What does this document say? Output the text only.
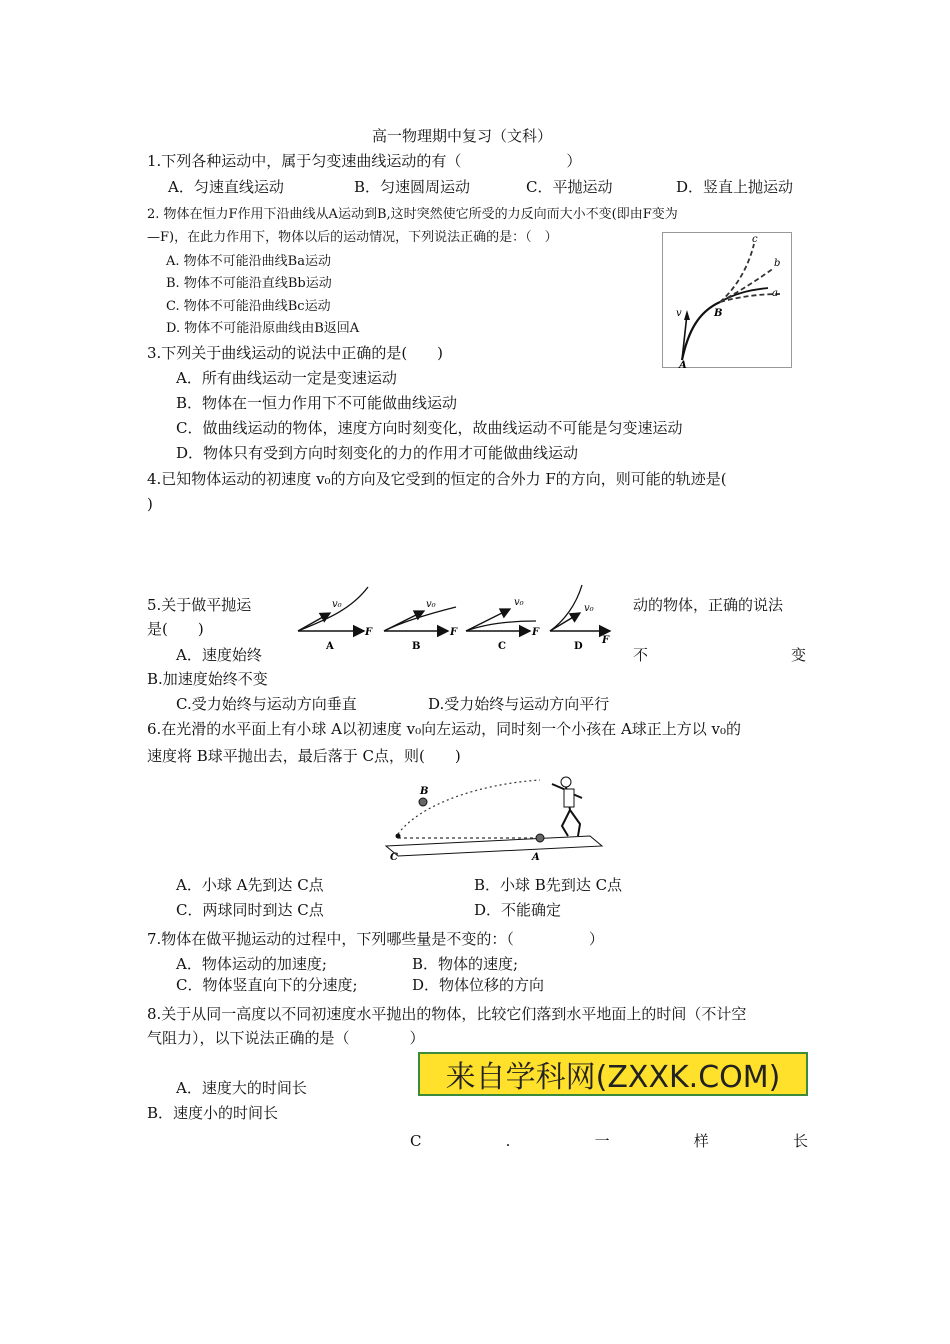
高一物理期中复习（文科）
1.下列各种运动中，属于匀变速曲线运动的有（　　　　　　　）
A．匀速直线运动	B．匀速圆周运动	C．平抛运动	D．竖直上抛运动
2. 物体在恒力F作用下沿曲线从A运动到B,这时突然使它所受的力反向而大小不变(即由F变为
—F)，在此力作用下，物体以后的运动情况，下列说法正确的是：（　）
A. 物体不可能沿曲线Ba运动
B. 物体不可能沿直线Bb运动
C. 物体不可能沿曲线Bc运动
D. 物体不可能沿原曲线由B返回A
v
A
B
c
b
a
3.下列关于曲线运动的说法中正确的是(　　)
A．所有曲线运动一定是变速运动
B．物体在一恒力作用下不可能做曲线运动
C．做曲线运动的物体，速度方向时刻变化，故曲线运动不可能是匀变速运动
D．物体只有受到方向时刻变化的力的作用才可能做曲线运动
4.已知物体运动的初速度 v₀的方向及它受到的恒定的合外力 F的方向，则可能的轨迹是(
)
5.关于做平抛运	动的物体，正确的说法
是(　　)
v₀
F
A
v₀
F
B
v₀
F
C
v₀
F
D
A．速度始终	不	变
B.加速度始终不变
C.受力始终与运动方向垂直	D.受力始终与运动方向平行
6.在光滑的水平面上有小球 A以初速度 v₀向左运动，同时刻一个小孩在 A球正上方以 v₀的
速度将 B球平抛出去，最后落于 C点，则(　　)
B
C	A
A．小球 A先到达 C点	B．小球 B先到达 C点
C．两球同时到达 C点	D．不能确定
7.物体在做平抛运动的过程中，下列哪些量是不变的：（　　　　　）
A．物体运动的加速度;	B．物体的速度;
C．物体竖直向下的分速度;	D．物体位移的方向
8.关于从同一高度以不同初速度水平抛出的物体，比较它们落到水平地面上的时间（不计空
气阻力），以下说法正确的是（　　　　）
来自学科网(ZXXK.COM)
A．速度大的时间长
B．速度小的时间长
C	.	一	样	长
